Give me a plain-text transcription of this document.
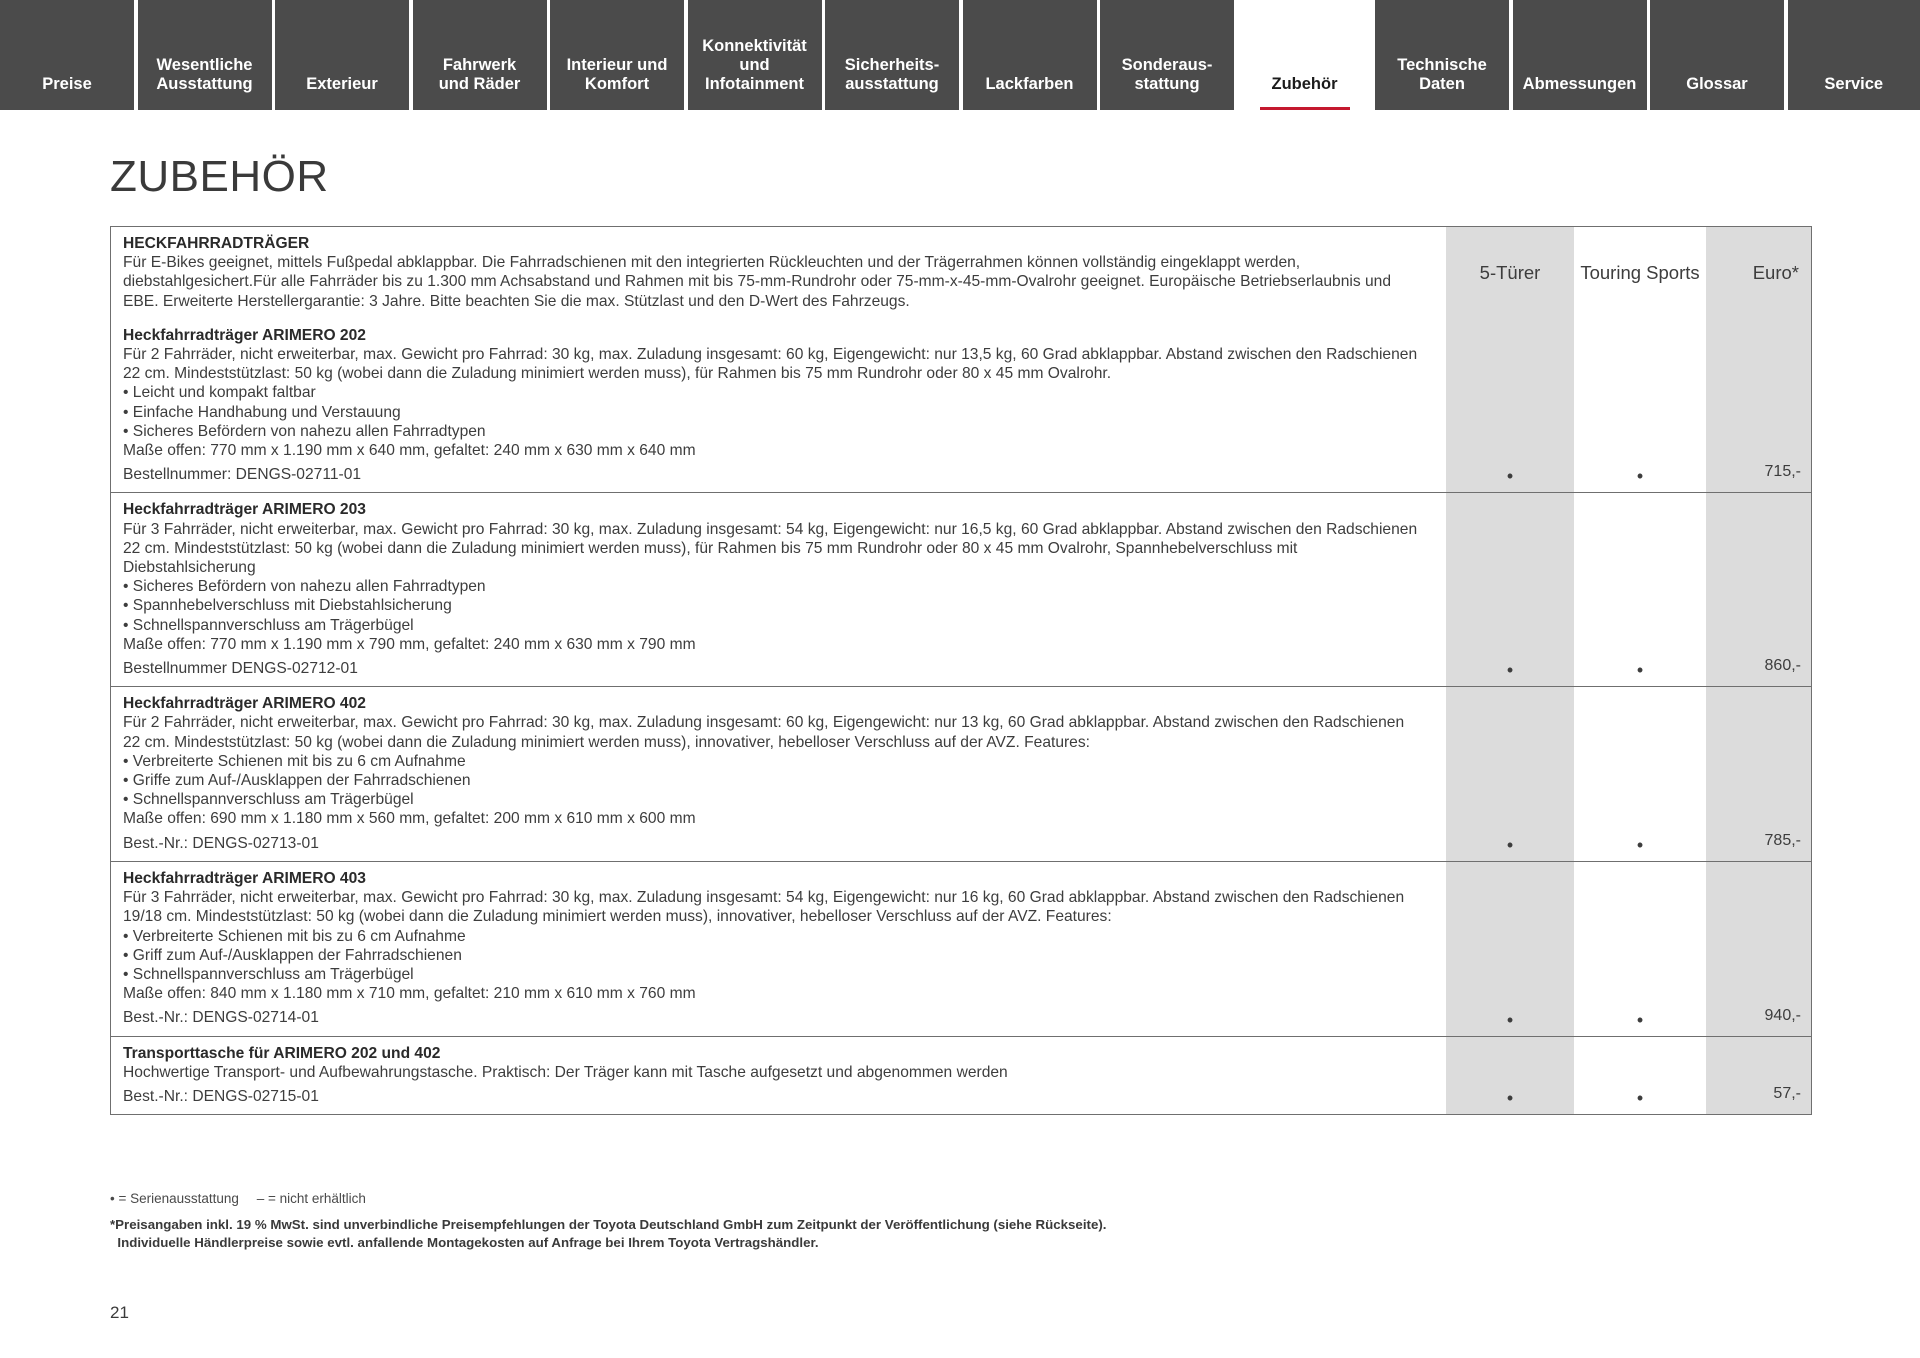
Preise
Wesentliche
Ausstattung	Exterieur
Fahrwerk
und Räder
Interieur und
Komfort
Konnektivität
und
Infotainment
Sicherheits-
ausstattung	Lackfarben
Sonderaus-
stattung	Zubehör
Technische
Daten	Abmessungen	Glossar	Service
ZUBEHÖR
HECKFAHRRADTRÄGER
Für E-Bikes geeignet, mittels Fußpedal abklappbar. Die Fahrradschienen mit den integrierten Rückleuchten und der Trägerrahmen können vollständig eingeklappt werden, diebstahlgesichert.Für alle Fahrräder bis zu 1.300 mm Achsabstand und Rahmen mit bis 75-mm-Rundrohr oder 75-mm-x-45-mm-Ovalrohr geeignet. Europäische Betriebserlaubnis und EBE. Erweiterte Herstellergarantie: 3 Jahre. Bitte beachten Sie die max. Stützlast und den D-Wert des Fahrzeugs.
5-Türer	Touring Sports	Euro*
Heckfahrradträger ARIMERO 202
Für 2 Fahrräder, nicht erweiterbar, max. Gewicht pro Fahrrad: 30 kg, max. Zuladung insgesamt: 60 kg, Eigengewicht: nur 13,5 kg, 60 Grad abklappbar. Abstand zwischen den Radschienen 22 cm. Mindeststützlast: 50 kg (wobei dann die Zuladung minimiert werden muss), für Rahmen bis 75 mm Rundrohr oder 80 x 45 mm Ovalrohr.
• Leicht und kompakt faltbar
• Einfache Handhabung und Verstauung
• Sicheres Befördern von nahezu allen Fahrradtypen
Maße offen: 770 mm x 1.190 mm x 640 mm, gefaltet: 240 mm x 630 mm x 640 mm
Bestellnummer: DENGS-02711-01	•	•	715,-
Heckfahrradträger ARIMERO 203
Für 3 Fahrräder, nicht erweiterbar, max. Gewicht pro Fahrrad: 30 kg, max. Zuladung insgesamt: 54 kg, Eigengewicht: nur 16,5 kg, 60 Grad abklappbar. Abstand zwischen den Radschienen 22 cm. Mindeststützlast: 50 kg (wobei dann die Zuladung minimiert werden muss), für Rahmen bis 75 mm Rundrohr oder 80 x 45 mm Ovalrohr, Spannhebelverschluss mit Diebstahlsicherung
• Sicheres Befördern von nahezu allen Fahrradtypen
• Spannhebelverschluss mit Diebstahlsicherung
• Schnellspannverschluss am Trägerbügel
Maße offen: 770 mm x 1.190 mm x 790 mm, gefaltet: 240 mm x 630 mm x 790 mm
Bestellnummer DENGS-02712-01	•	•	860,-
Heckfahrradträger ARIMERO 402
Für 2 Fahrräder, nicht erweiterbar, max. Gewicht pro Fahrrad: 30 kg, max. Zuladung insgesamt: 60 kg, Eigengewicht: nur 13 kg, 60 Grad abklappbar. Abstand zwischen den Radschienen 22 cm. Mindeststützlast: 50 kg (wobei dann die Zuladung minimiert werden muss), innovativer, hebelloser Verschluss auf der AVZ. Features:
• Verbreiterte Schienen mit bis zu 6 cm Aufnahme
• Griffe zum Auf-/Ausklappen der Fahrradschienen
• Schnellspannverschluss am Trägerbügel
Maße offen: 690 mm x 1.180 mm x 560 mm, gefaltet: 200 mm x 610 mm x 600 mm
Best.-Nr.: DENGS-02713-01	•	•	785,-
Heckfahrradträger ARIMERO 403
Für 3 Fahrräder, nicht erweiterbar, max. Gewicht pro Fahrrad: 30 kg, max. Zuladung insgesamt: 54 kg, Eigengewicht: nur 16 kg, 60 Grad abklappbar. Abstand zwischen den Radschienen 19/18 cm. Mindeststützlast: 50 kg (wobei dann die Zuladung minimiert werden muss), innovativer, hebelloser Verschluss auf der AVZ. Features:
• Verbreiterte Schienen mit bis zu 6 cm Aufnahme
• Griff zum Auf-/Ausklappen der Fahrradschienen
• Schnellspannverschluss am Trägerbügel
Maße offen: 840 mm x 1.180 mm x 710 mm, gefaltet: 210 mm x 610 mm x 760 mm
Best.-Nr.: DENGS-02714-01	•	•	940,-
Transporttasche für ARIMERO 202 und 402
Hochwertige Transport- und Aufbewahrungstasche. Praktisch: Der Träger kann mit Tasche aufgesetzt und abgenommen werden
Best.-Nr.: DENGS-02715-01	•	•	57,-
• = Serienausstattung – = nicht erhältlich
*Preisangaben inkl. 19 % MwSt. sind unverbindliche Preisempfehlungen der Toyota Deutschland GmbH zum Zeitpunkt der Veröffentlichung (siehe Rückseite).
Individuelle Händlerpreise sowie evtl. anfallende Montagekosten auf Anfrage bei Ihrem Toyota Vertragshändler.
21
